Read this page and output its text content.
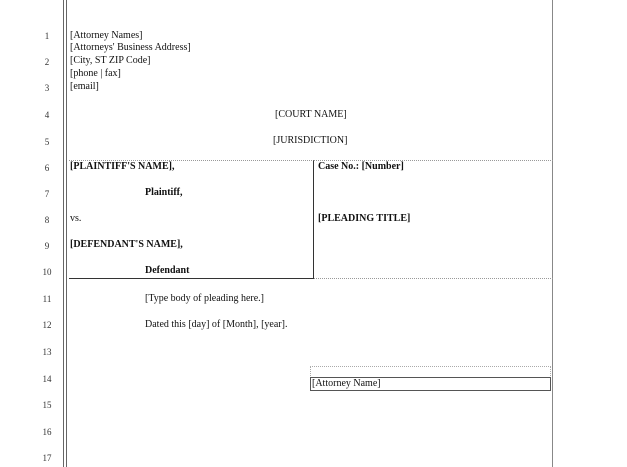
1
2
3
4
5
6
7
8
9
10
11
12
13
14
15
16
17
[Attorney Names]
[Attorneys' Business Address]
[City, ST ZIP Code]
[phone | fax]
[email]
[COURT NAME]
[JURISDICTION]
[PLAINTIFF'S NAME],
Plaintiff,
vs.
[DEFENDANT'S NAME],
Defendant
Case No.: [Number]
[PLEADING TITLE]
[Type body of pleading here.]
Dated this [day] of [Month], [year].
[Attorney Name]
